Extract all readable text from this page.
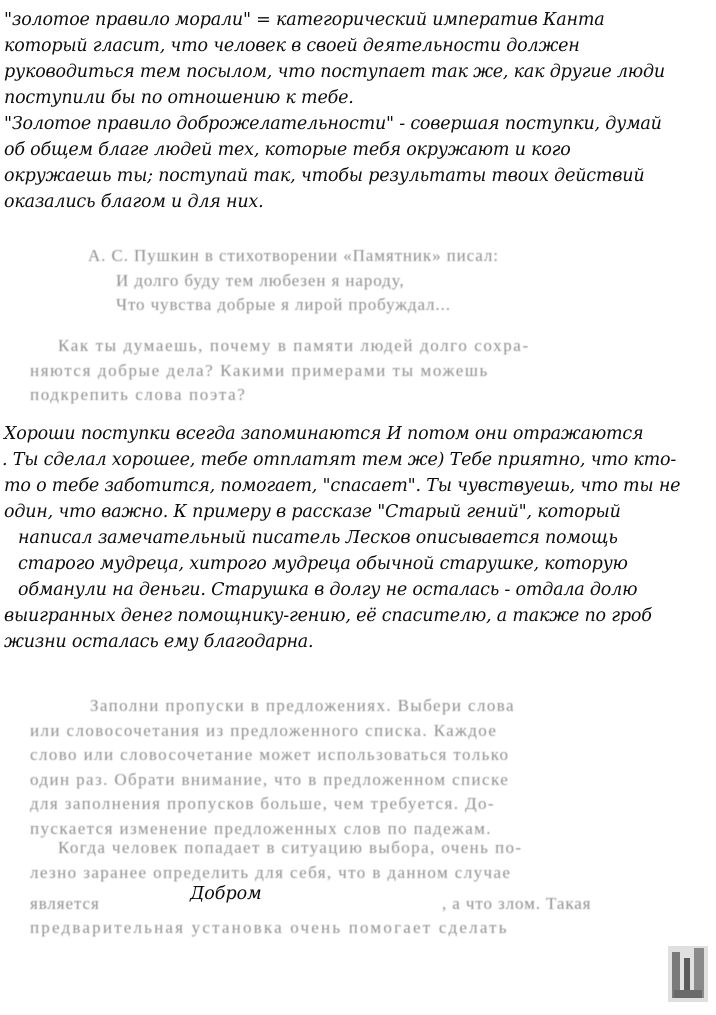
"золотое правило морали" = категорический императив Канта
который гласит, что человек в своей деятельности должен
руководиться тем посылом, что поступает так же, как другие люди
поступили бы по отношению к тебе.
"Золотое правило доброжелательности" - совершая поступки, думай
об общем благе людей тех, которые тебя окружают и кого
окружаешь ты; поступай так, чтобы результаты твоих действий
оказались благом и для них.
А. С. Пушкин в стихотворении «Памятник» писал:
И долго буду тем любезен я народу,
Что чувства добрые я лирой пробуждал...
Как ты думаешь, почему в памяти людей долго сохра-
няются добрые дела? Какими примерами ты можешь
подкрепить слова поэта?
Хороши поступки всегда запоминаются И потом они отражаются
. Ты сделал хорошее, тебе отплатят тем же) Тебе приятно, что кто-
то о тебе заботится, помогает, "спасает". Ты чувствуешь, что ты не
один, что важно. К примеру в рассказе "Старый гений", который
написал замечательный писатель Лесков описывается помощь
старого мудреца, хитрого мудреца обычной старушке, которую
обманули на деньги. Старушка в долгу не осталась - отдала долю
выигранных денег помощнику-гению, её спасителю, а также по гроб
жизни осталась ему благодарна.
Заполни пропуски в предложениях. Выбери слова
или словосочетания из предложенного списка. Каждое
слово или словосочетание может использоваться только
один раз. Обрати внимание, что в предложенном списке
для заполнения пропусков больше, чем требуется. До-
пускается изменение предложенных слов по падежам.
Когда человек попадает в ситуацию выбора, очень по-
лезно заранее определить для себя, что в данном случае
является	Добром	, а что злом. Такая
предварительная установка очень помогает сделать
